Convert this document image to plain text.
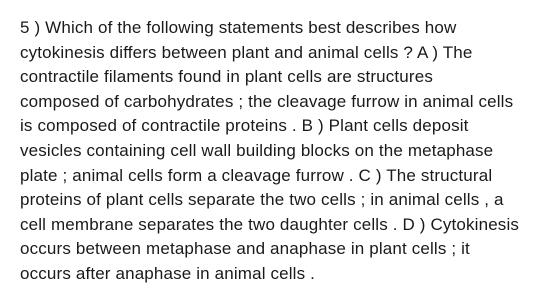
5 ) Which of the following statements best describes how
cytokinesis differs between plant and animal cells ? A ) The
contractile filaments found in plant cells are structures
composed of carbohydrates ; the cleavage furrow in animal cells
is composed of contractile proteins . B ) Plant cells deposit
vesicles containing cell wall building blocks on the metaphase
plate ; animal cells form a cleavage furrow . C ) The structural
proteins of plant cells separate the two cells ; in animal cells , a
cell membrane separates the two daughter cells . D ) Cytokinesis
occurs between metaphase and anaphase in plant cells ; it
occurs after anaphase in animal cells .
